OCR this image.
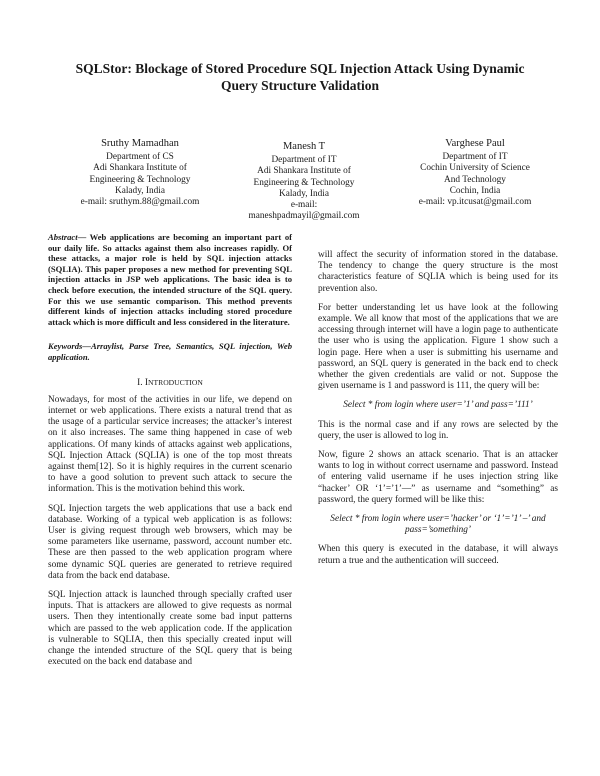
SQLStor: Blockage of Stored Procedure SQL Injection Attack Using Dynamic
Query Structure Validation
Sruthy Mamadhan
Department of CS
Adi Shankara Institute of
Engineering & Technology
Kalady, India
e-mail: sruthym.88@gmail.com
Manesh T
Department of IT
Adi Shankara Institute of
Engineering & Technology
Kalady, India
e-mail:
maneshpadmayil@gmail.com
Varghese Paul
Department of IT
Cochin University of Science
And Technology
Cochin, India
e-mail: vp.itcusat@gmail.com

Abstract— Web applications are becoming an important part of our daily life. So attacks against them also increases rapidly. Of these attacks, a major role is held by SQL injection attacks (SQLIA). This paper proposes a new method for preventing SQL injection attacks in JSP web applications. The basic idea is to check before execution, the intended structure of the SQL query. For this we use semantic comparison. This method prevents different kinds of injection attacks including stored procedure attack which is more difficult and less considered in the literature.

Keywords—Arraylist, Parse Tree, Semantics, SQL injection, Web application.

I. INTRODUCTION

Nowadays, for most of the activities in our life, we depend on internet or web applications. There exists a natural trend that as the usage of a particular service increases; the attacker’s interest on it also increases. The same thing happened in case of web applications. Of many kinds of attacks against web applications, SQL Injection Attack (SQLIA) is one of the top most threats against them[12]. So it is highly requires in the current scenario to have a good solution to prevent such attack to secure the information. This is the motivation behind this work.

SQL Injection targets the web applications that use a back end database. Working of a typical web application is as follows: User is giving request through web browsers, which may be some parameters like username, password, account number etc. These are then passed to the web application program where some dynamic SQL queries are generated to retrieve required data from the back end database.

SQL Injection attack is launched through specially crafted user inputs. That is attackers are allowed to give requests as normal users. Then they intentionally create some bad input patterns which are passed to the web application code. If the application is vulnerable to SQLIA, then this specially created input will change the intended structure of the SQL query that is being executed on the back end database and

will affect the security of information stored in the database. The tendency to change the query structure is the most characteristics feature of SQLIA which is being used for its prevention also.

For better understanding let us have look at the following example. We all know that most of the applications that we are accessing through internet will have a login page to authenticate the user who is using the application. Figure 1 show such a login page. Here when a user is submitting his username and password, an SQL query is generated in the back end to check whether the given credentials are valid or not. Suppose the given username is 1 and password is 111, the query will be:

Select * from login where user=’1’ and pass=’111’

This is the normal case and if any rows are selected by the query, the user is allowed to log in.

Now, figure 2 shows an attack scenario. That is an attacker wants to log in without correct username and password. Instead of entering valid username if he uses injection string like “hacker’ OR ‘1’=’1’—” as username and “something” as password, the query formed will be like this:

Select * from login where user=’hacker’ or ‘1’=’1’ –’ and
pass=’something’

When this query is executed in the database, it will always return a true and the authentication will succeed.
